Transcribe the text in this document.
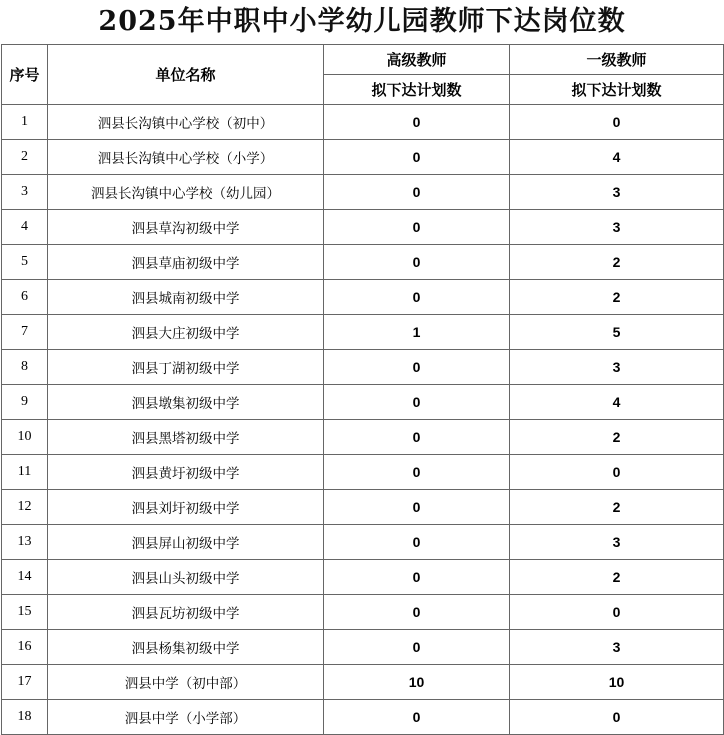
2025年中职中小学幼儿园教师下达岗位数
序号	单位名称	高级教师	一级教师
		拟下达计划数	拟下达计划数
1	泗县长沟镇中心学校（初中）	0	0
2	泗县长沟镇中心学校（小学）	0	4
3	泗县长沟镇中心学校（幼儿园）	0	3
4	泗县草沟初级中学	0	3
5	泗县草庙初级中学	0	2
6	泗县城南初级中学	0	2
7	泗县大庄初级中学	1	5
8	泗县丁湖初级中学	0	3
9	泗县墩集初级中学	0	4
10	泗县黑塔初级中学	0	2
11	泗县黄圩初级中学	0	0
12	泗县刘圩初级中学	0	2
13	泗县屏山初级中学	0	3
14	泗县山头初级中学	0	2
15	泗县瓦坊初级中学	0	0
16	泗县杨集初级中学	0	3
17	泗县中学（初中部）	10	10
18	泗县中学（小学部）	0	0
